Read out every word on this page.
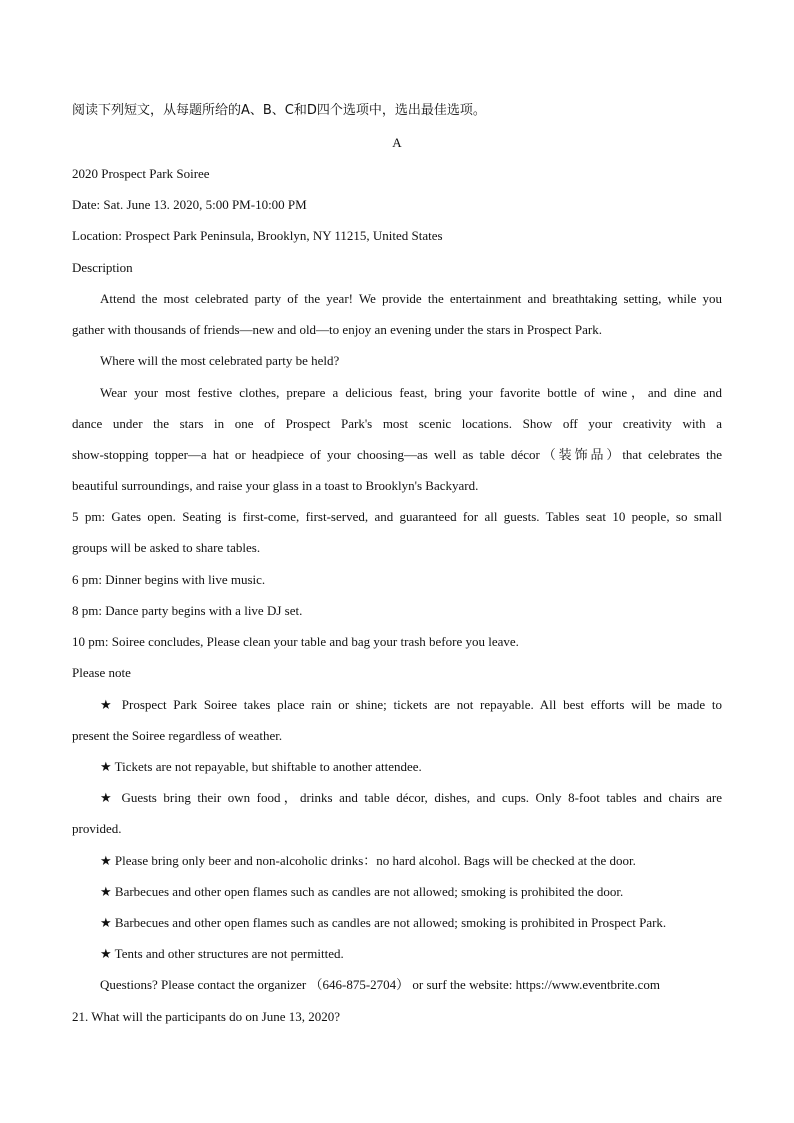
阅读下列短文，从每题所给的A、B、C和D四个选项中，选出最佳选项。
A
2020 Prospect Park Soiree
Date: Sat. June 13. 2020, 5:00 PM-10:00 PM
Location: Prospect Park Peninsula, Brooklyn, NY 11215, United States
Description
Attend the most celebrated party of the year! We provide the entertainment and breathtaking setting, while you
gather with thousands of friends—new and old—to enjoy an evening under the stars in Prospect Park.
Where will the most celebrated party be held?
Wear your most festive clothes, prepare a delicious feast, bring your favorite bottle of wine，and dine and
dance under the stars in one of Prospect Park's most scenic locations. Show off your creativity with a
show-stopping topper—a hat or headpiece of your choosing—as well as table décor（装饰品）that celebrates the
beautiful surroundings, and raise your glass in a toast to Brooklyn's Backyard.
5 pm: Gates open. Seating is first-come, first-served, and guaranteed for all guests. Tables seat 10 people, so small
groups will be asked to share tables.
6 pm: Dinner begins with live music.
8 pm: Dance party begins with a live DJ set.
10 pm: Soiree concludes, Please clean your table and bag your trash before you leave.
Please note
★ Prospect Park Soiree takes place rain or shine; tickets are not repayable. All best efforts will be made to
present the Soiree regardless of weather.
★ Tickets are not repayable, but shiftable to another attendee.
★ Guests bring their own food，drinks and table décor, dishes, and cups. Only 8-foot tables and chairs are
provided.
★ Please bring only beer and non-alcoholic drinks：no hard alcohol. Bags will be checked at the door.
★ Barbecues and other open flames such as candles are not allowed; smoking is prohibited the door.
★ Barbecues and other open flames such as candles are not allowed; smoking is prohibited in Prospect Park.
★ Tents and other structures are not permitted.
Questions? Please contact the organizer （646-875-2704） or surf the website: https://www.eventbrite.com
21. What will the participants do on June 13, 2020?
